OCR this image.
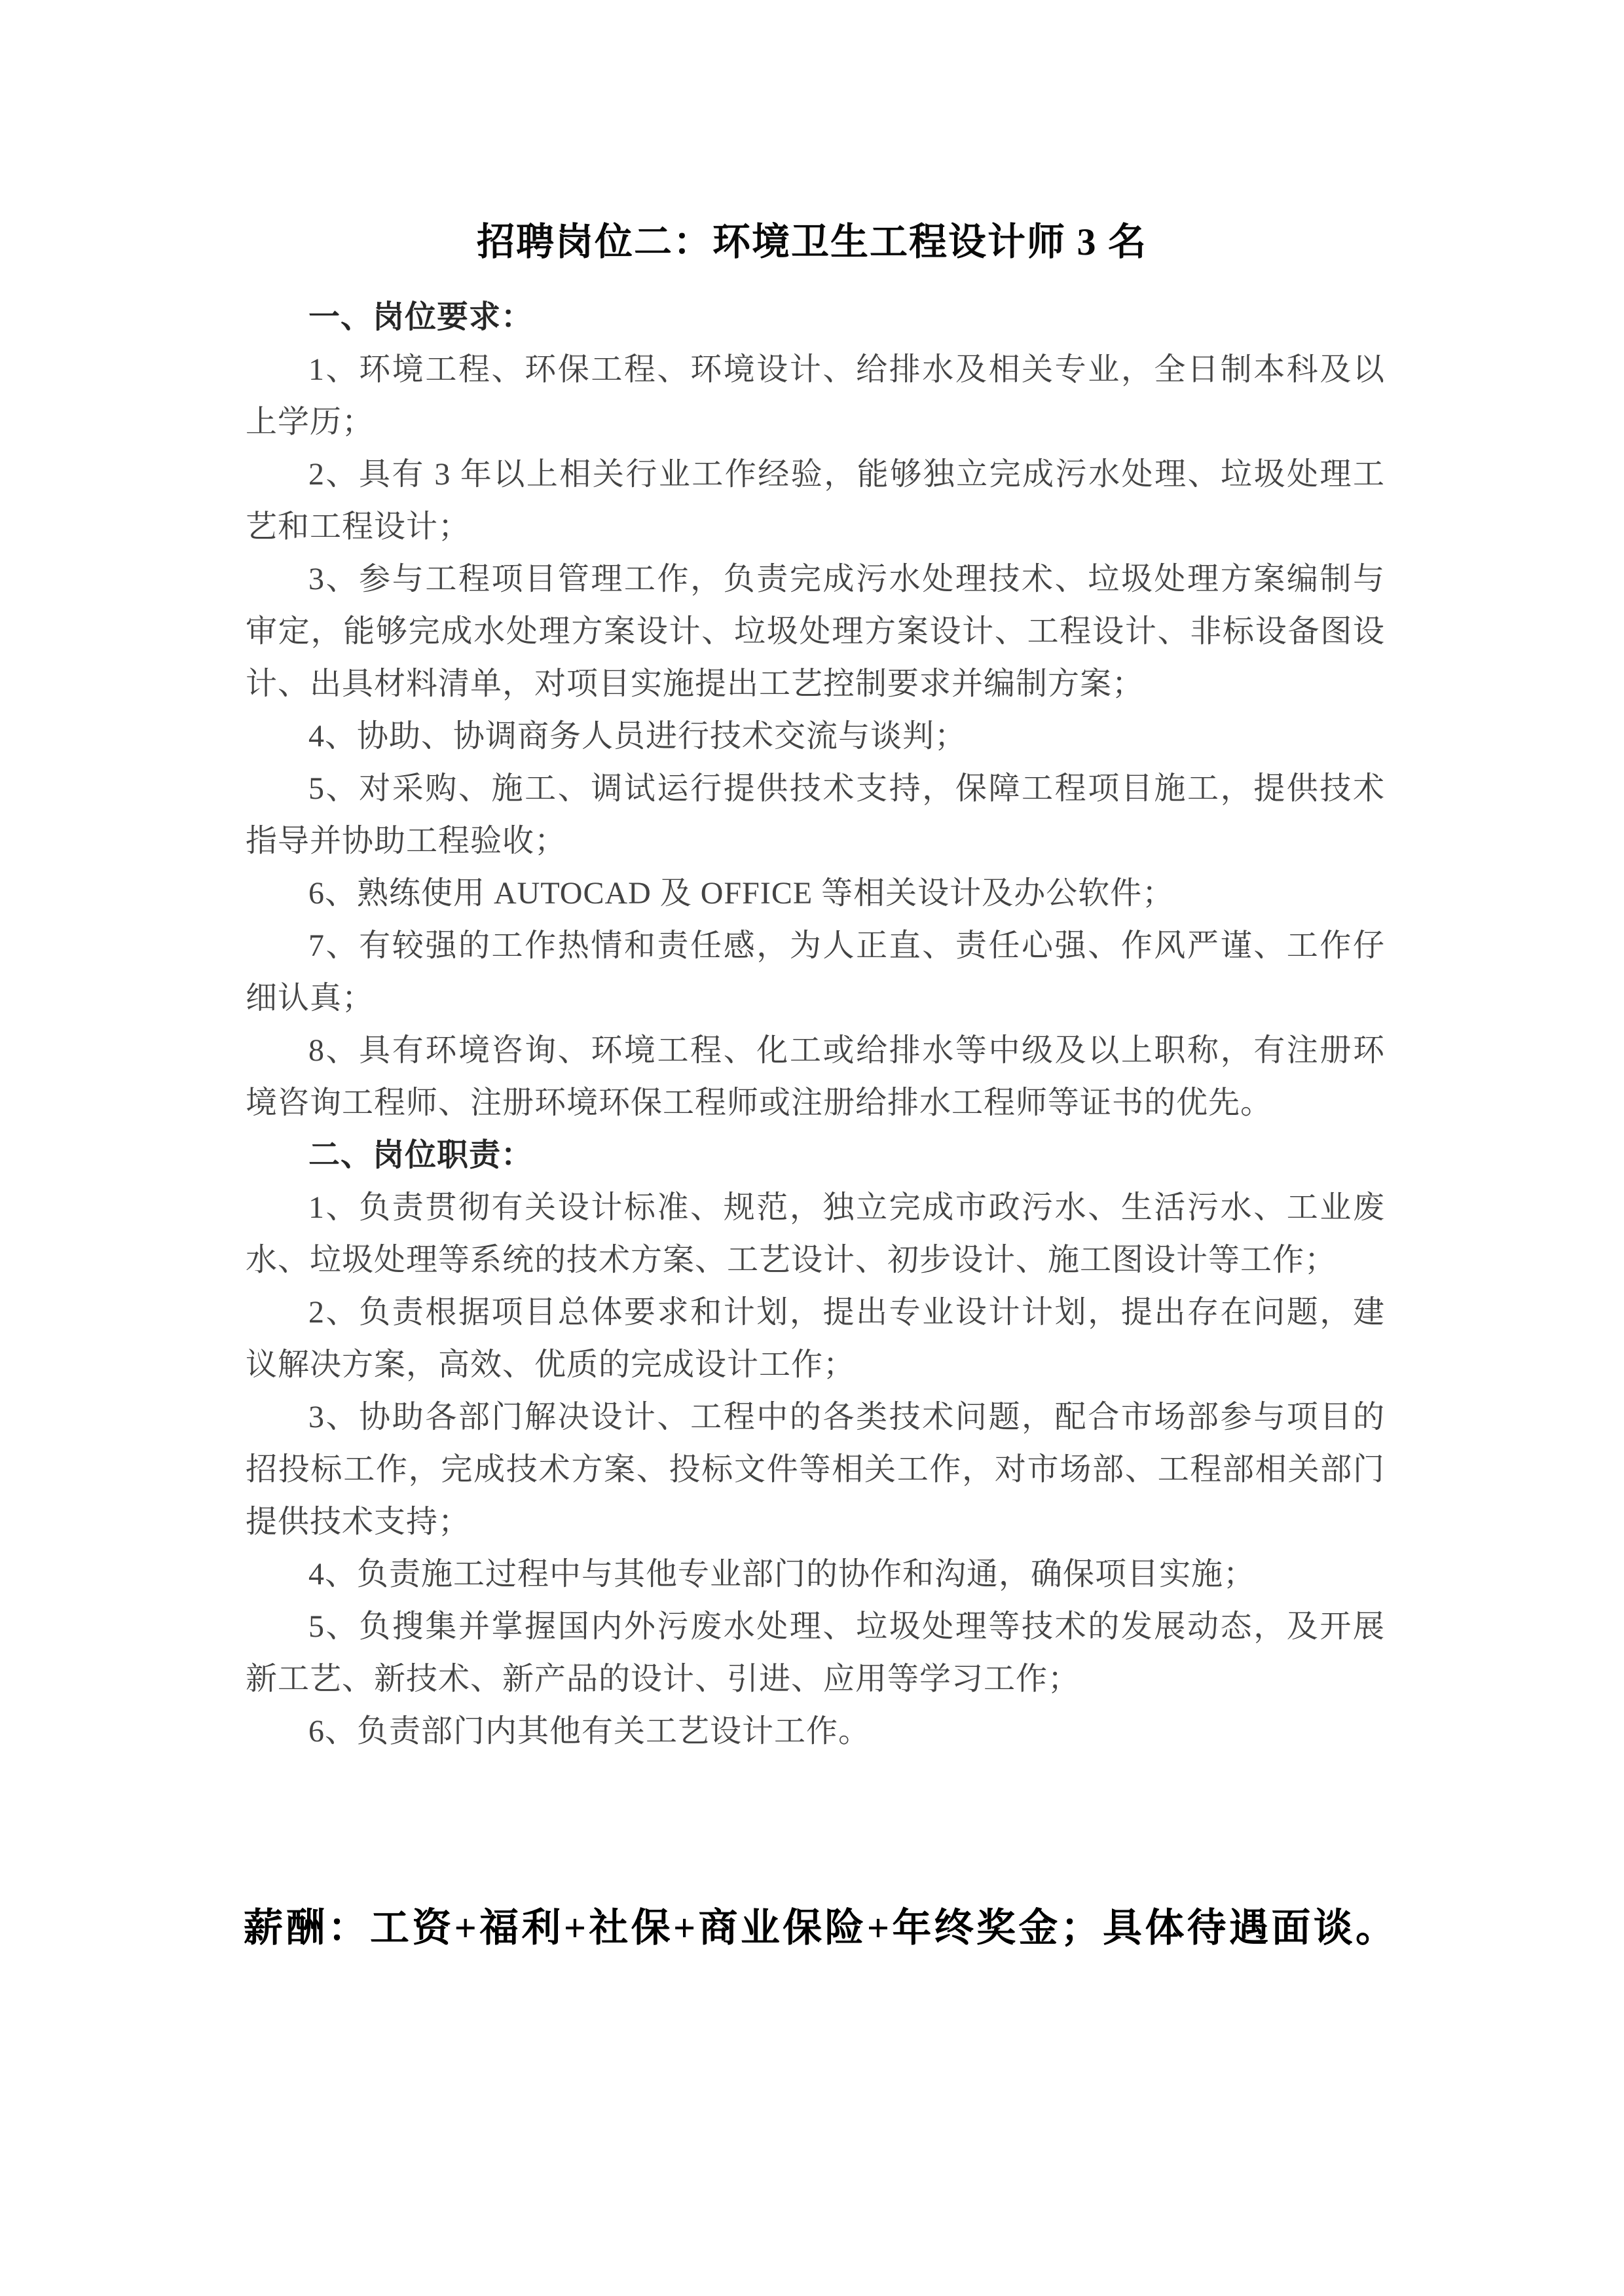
招聘岗位二：环境卫生工程设计师 3 名
一、岗位要求：
1、环境工程、环保工程、环境设计、给排水及相关专业，全日制本科及以
上学历；
2、具有 3 年以上相关行业工作经验，能够独立完成污水处理、垃圾处理工
艺和工程设计；
3、参与工程项目管理工作，负责完成污水处理技术、垃圾处理方案编制与
审定，能够完成水处理方案设计、垃圾处理方案设计、工程设计、非标设备图设
计、出具材料清单，对项目实施提出工艺控制要求并编制方案；
4、协助、协调商务人员进行技术交流与谈判；
5、对采购、施工、调试运行提供技术支持，保障工程项目施工，提供技术
指导并协助工程验收；
6、熟练使用 AUTOCAD 及 OFFICE 等相关设计及办公软件；
7、有较强的工作热情和责任感，为人正直、责任心强、作风严谨、工作仔
细认真；
8、具有环境咨询、环境工程、化工或给排水等中级及以上职称，有注册环
境咨询工程师、注册环境环保工程师或注册给排水工程师等证书的优先。
二、岗位职责：
1、负责贯彻有关设计标准、规范，独立完成市政污水、生活污水、工业废
水、垃圾处理等系统的技术方案、工艺设计、初步设计、施工图设计等工作；
2、负责根据项目总体要求和计划，提出专业设计计划，提出存在问题，建
议解决方案，高效、优质的完成设计工作；
3、协助各部门解决设计、工程中的各类技术问题，配合市场部参与项目的
招投标工作，完成技术方案、投标文件等相关工作，对市场部、工程部相关部门
提供技术支持；
4、负责施工过程中与其他专业部门的协作和沟通，确保项目实施；
5、负搜集并掌握国内外污废水处理、垃圾处理等技术的发展动态，及开展
新工艺、新技术、新产品的设计、引进、应用等学习工作；
6、负责部门内其他有关工艺设计工作。

薪酬：工资+福利+社保+商业保险+年终奖金；具体待遇面谈。
